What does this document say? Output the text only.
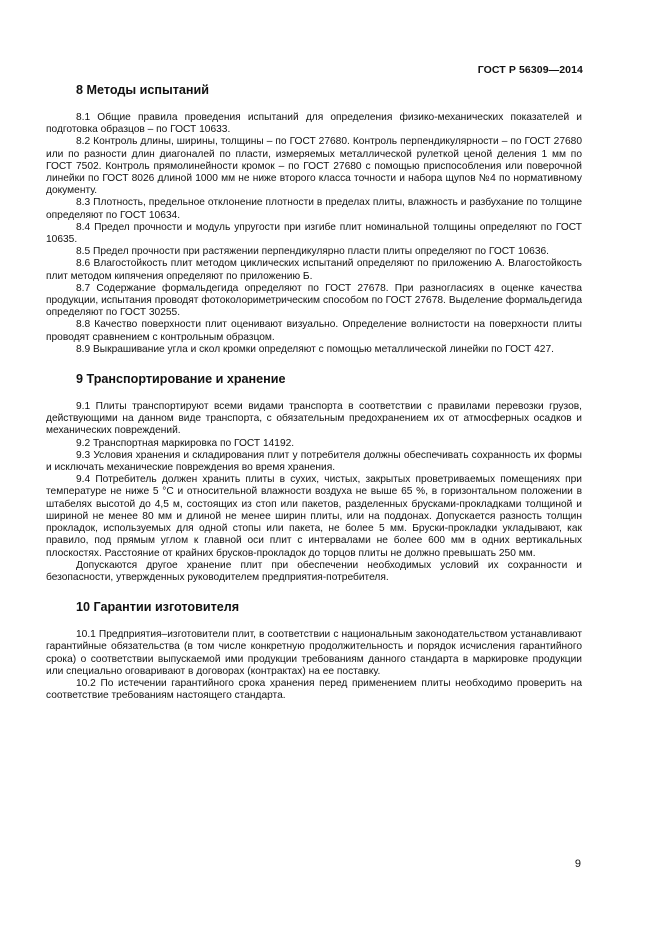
ГОСТ Р 56309—2014
8 Методы испытаний

8.1 Общие правила проведения испытаний для определения физико-механических показателей и подготовка образцов – по ГОСТ 10633.

8.2 Контроль длины, ширины, толщины – по ГОСТ 27680. Контроль перпендикулярности – по ГОСТ 27680 или по разности длин диагоналей по пласти, измеряемых металлической рулеткой ценой деления 1 мм по ГОСТ 7502. Контроль прямолинейности кромок – по ГОСТ 27680 с помощью приспособления или поверочной линейки по ГОСТ 8026 длиной 1000 мм не ниже второго класса точности и набора щупов №4 по нормативному документу.

8.3 Плотность, предельное отклонение плотности в пределах плиты, влажность и разбухание по толщине определяют по ГОСТ 10634.

8.4 Предел прочности и модуль упругости при изгибе плит номинальной толщины определяют по ГОСТ 10635.

8.5 Предел прочности при растяжении перпендикулярно пласти плиты определяют по ГОСТ 10636.

8.6 Влагостойкость плит методом циклических испытаний определяют по приложению А. Влагостойкость плит методом кипячения определяют по приложению Б.

8.7 Содержание формальдегида определяют по ГОСТ 27678. При разногласиях в оценке качества продукции, испытания проводят фотоколориметрическим способом по ГОСТ 27678. Выделение формальдегида определяют по ГОСТ 30255.

8.8 Качество поверхности плит оценивают визуально. Определение волнистости на поверхности плиты проводят сравнением с контрольным образцом.

8.9 Выкрашивание угла и скол кромки определяют с помощью металлической линейки по ГОСТ 427.

9 Транспортирование и хранение

9.1 Плиты транспортируют всеми видами транспорта в соответствии с правилами перевозки грузов, действующими на данном виде транспорта, с обязательным предохранением их от атмосферных осадков и механических повреждений.

9.2 Транспортная маркировка по ГОСТ 14192.

9.3 Условия хранения и складирования плит у потребителя должны обеспечивать сохранность их формы и исключать механические повреждения во время хранения.

9.4 Потребитель должен хранить плиты в сухих, чистых, закрытых проветриваемых помещениях при температуре не ниже 5 °С и относительной влажности воздуха не выше 65 %, в горизонтальном положении в штабелях высотой до 4,5 м, состоящих из стоп или пакетов, разделенных брусками-прокладками толщиной и шириной не менее 80 мм и длиной не менее ширин плиты, или на поддонах. Допускается разность толщин прокладок, используемых для одной стопы или пакета, не более 5 мм. Бруски-прокладки укладывают, как правило, под прямым углом к главной оси плит с интервалами не более 600 мм в одних вертикальных плоскостях. Расстояние от крайних брусков-прокладок до торцов плиты не должно превышать 250 мм.

Допускаются другое хранение плит при обеспечении необходимых условий их сохранности и безопасности, утвержденных руководителем предприятия-потребителя.

10 Гарантии изготовителя

10.1 Предприятия–изготовители плит, в соответствии с национальным законодательством устанавливают гарантийные обязательства (в том числе конкретную продолжительность и порядок исчисления гарантийного срока) о соответствии выпускаемой ими продукции требованиям данного стандарта в маркировке продукции или специально оговаривают в договорах (контрактах) на ее поставку.

10.2 По истечении гарантийного срока хранения перед применением плиты необходимо проверить на соответствие требованиям настоящего стандарта.

9
